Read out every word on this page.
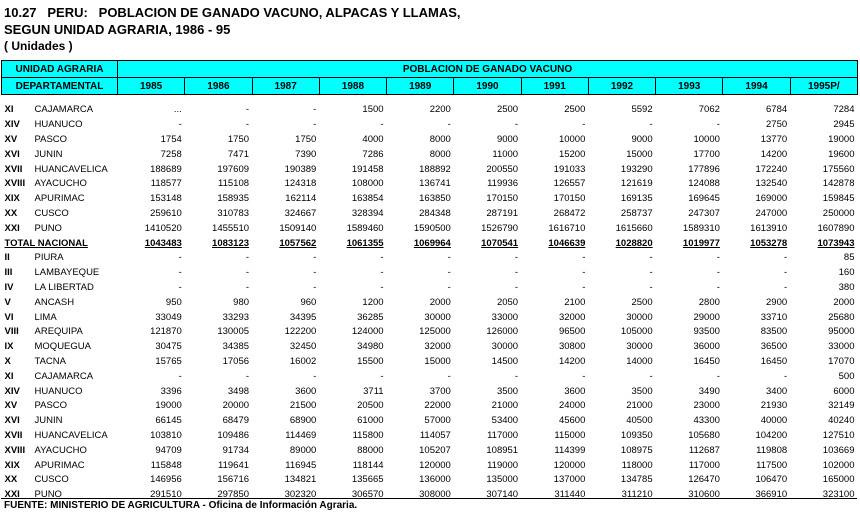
10.27   PERU:   POBLACION DE GANADO VACUNO, ALPACAS Y LLAMAS,
SEGUN UNIDAD AGRARIA, 1986 - 95
( Unidades )
UNIDAD AGRARIA		POBLACION DE GANADO VACUNO										
DEPARTAMENTAL		1985	1986	1987	1988	1989	1990	1991	1992	1993	1994	1995P/

XI	CAJAMARCA	...	-	-	1500	2200	2500	2500	5592	7062	6784	7284
XIV	HUANUCO	-	-	-	-	-	-	-	-	-	2750	2945
XV	PASCO	1754	1750	1750	4000	8000	9000	10000	9000	10000	13770	19000
XVI	JUNIN	7258	7471	7390	7286	8000	11000	15200	15000	17700	14200	19600
XVII	HUANCAVELICA	188689	197609	190389	191458	188892	200550	191033	193290	177896	172240	175560
XVIII	AYACUCHO	118577	115108	124318	108000	136741	119936	126557	121619	124088	132540	142878
XIX	APURIMAC	153148	158935	162114	163854	163850	170150	170150	169135	169645	169000	159845
XX	CUSCO	259610	310783	324667	328394	284348	287191	268472	258737	247307	247000	250000
XXI	PUNO	1410520	1455510	1509140	1589460	1590500	1526790	1616710	1615660	1589310	1613910	1607890
TOTAL NACIONAL		1043483	1083123	1057562	1061355	1069964	1070541	1046639	1028820	1019977	1053278	1073943
II	PIURA	-	-	-	-	-	-	-	-	-	-	85
III	LAMBAYEQUE	-	-	-	-	-	-	-	-	-	-	160
IV	LA LIBERTAD	-	-	-	-	-	-	-	-	-	-	380
V	ANCASH	950	980	960	1200	2000	2050	2100	2500	2800	2900	2000
VI	LIMA	33049	33293	34395	36285	30000	33000	32000	30000	29000	33710	25680
VIII	AREQUIPA	121870	130005	122200	124000	125000	126000	96500	105000	93500	83500	95000
IX	MOQUEGUA	30475	34385	32450	34980	32000	30000	30800	30000	36000	36500	33000
X	TACNA	15765	17056	16002	15500	15000	14500	14200	14000	16450	16450	17070
XI	CAJAMARCA	-	-	-	-	-	-	-	-	-	-	500
XIV	HUANUCO	3396	3498	3600	3711	3700	3500	3600	3500	3490	3400	6000
XV	PASCO	19000	20000	21500	20500	22000	21000	24000	21000	23000	21930	32149
XVI	JUNIN	66145	68479	68900	61000	57000	53400	45600	40500	43300	40000	40240
XVII	HUANCAVELICA	103810	109486	114469	115800	114057	117000	115000	109350	105680	104200	127510
XVIII	AYACUCHO	94709	91734	89000	88000	105207	108951	114399	108975	112687	119808	103669
XIX	APURIMAC	115848	119641	116945	118144	120000	119000	120000	118000	117000	117500	102000
XX	CUSCO	146956	156716	134821	135665	136000	135000	137000	134785	126470	106470	165000
XXI	PUNO	291510	297850	302320	306570	308000	307140	311440	311210	310600	366910	323100
FUENTE: MINISTERIO DE AGRICULTURA - Oficina de Información Agraria.
